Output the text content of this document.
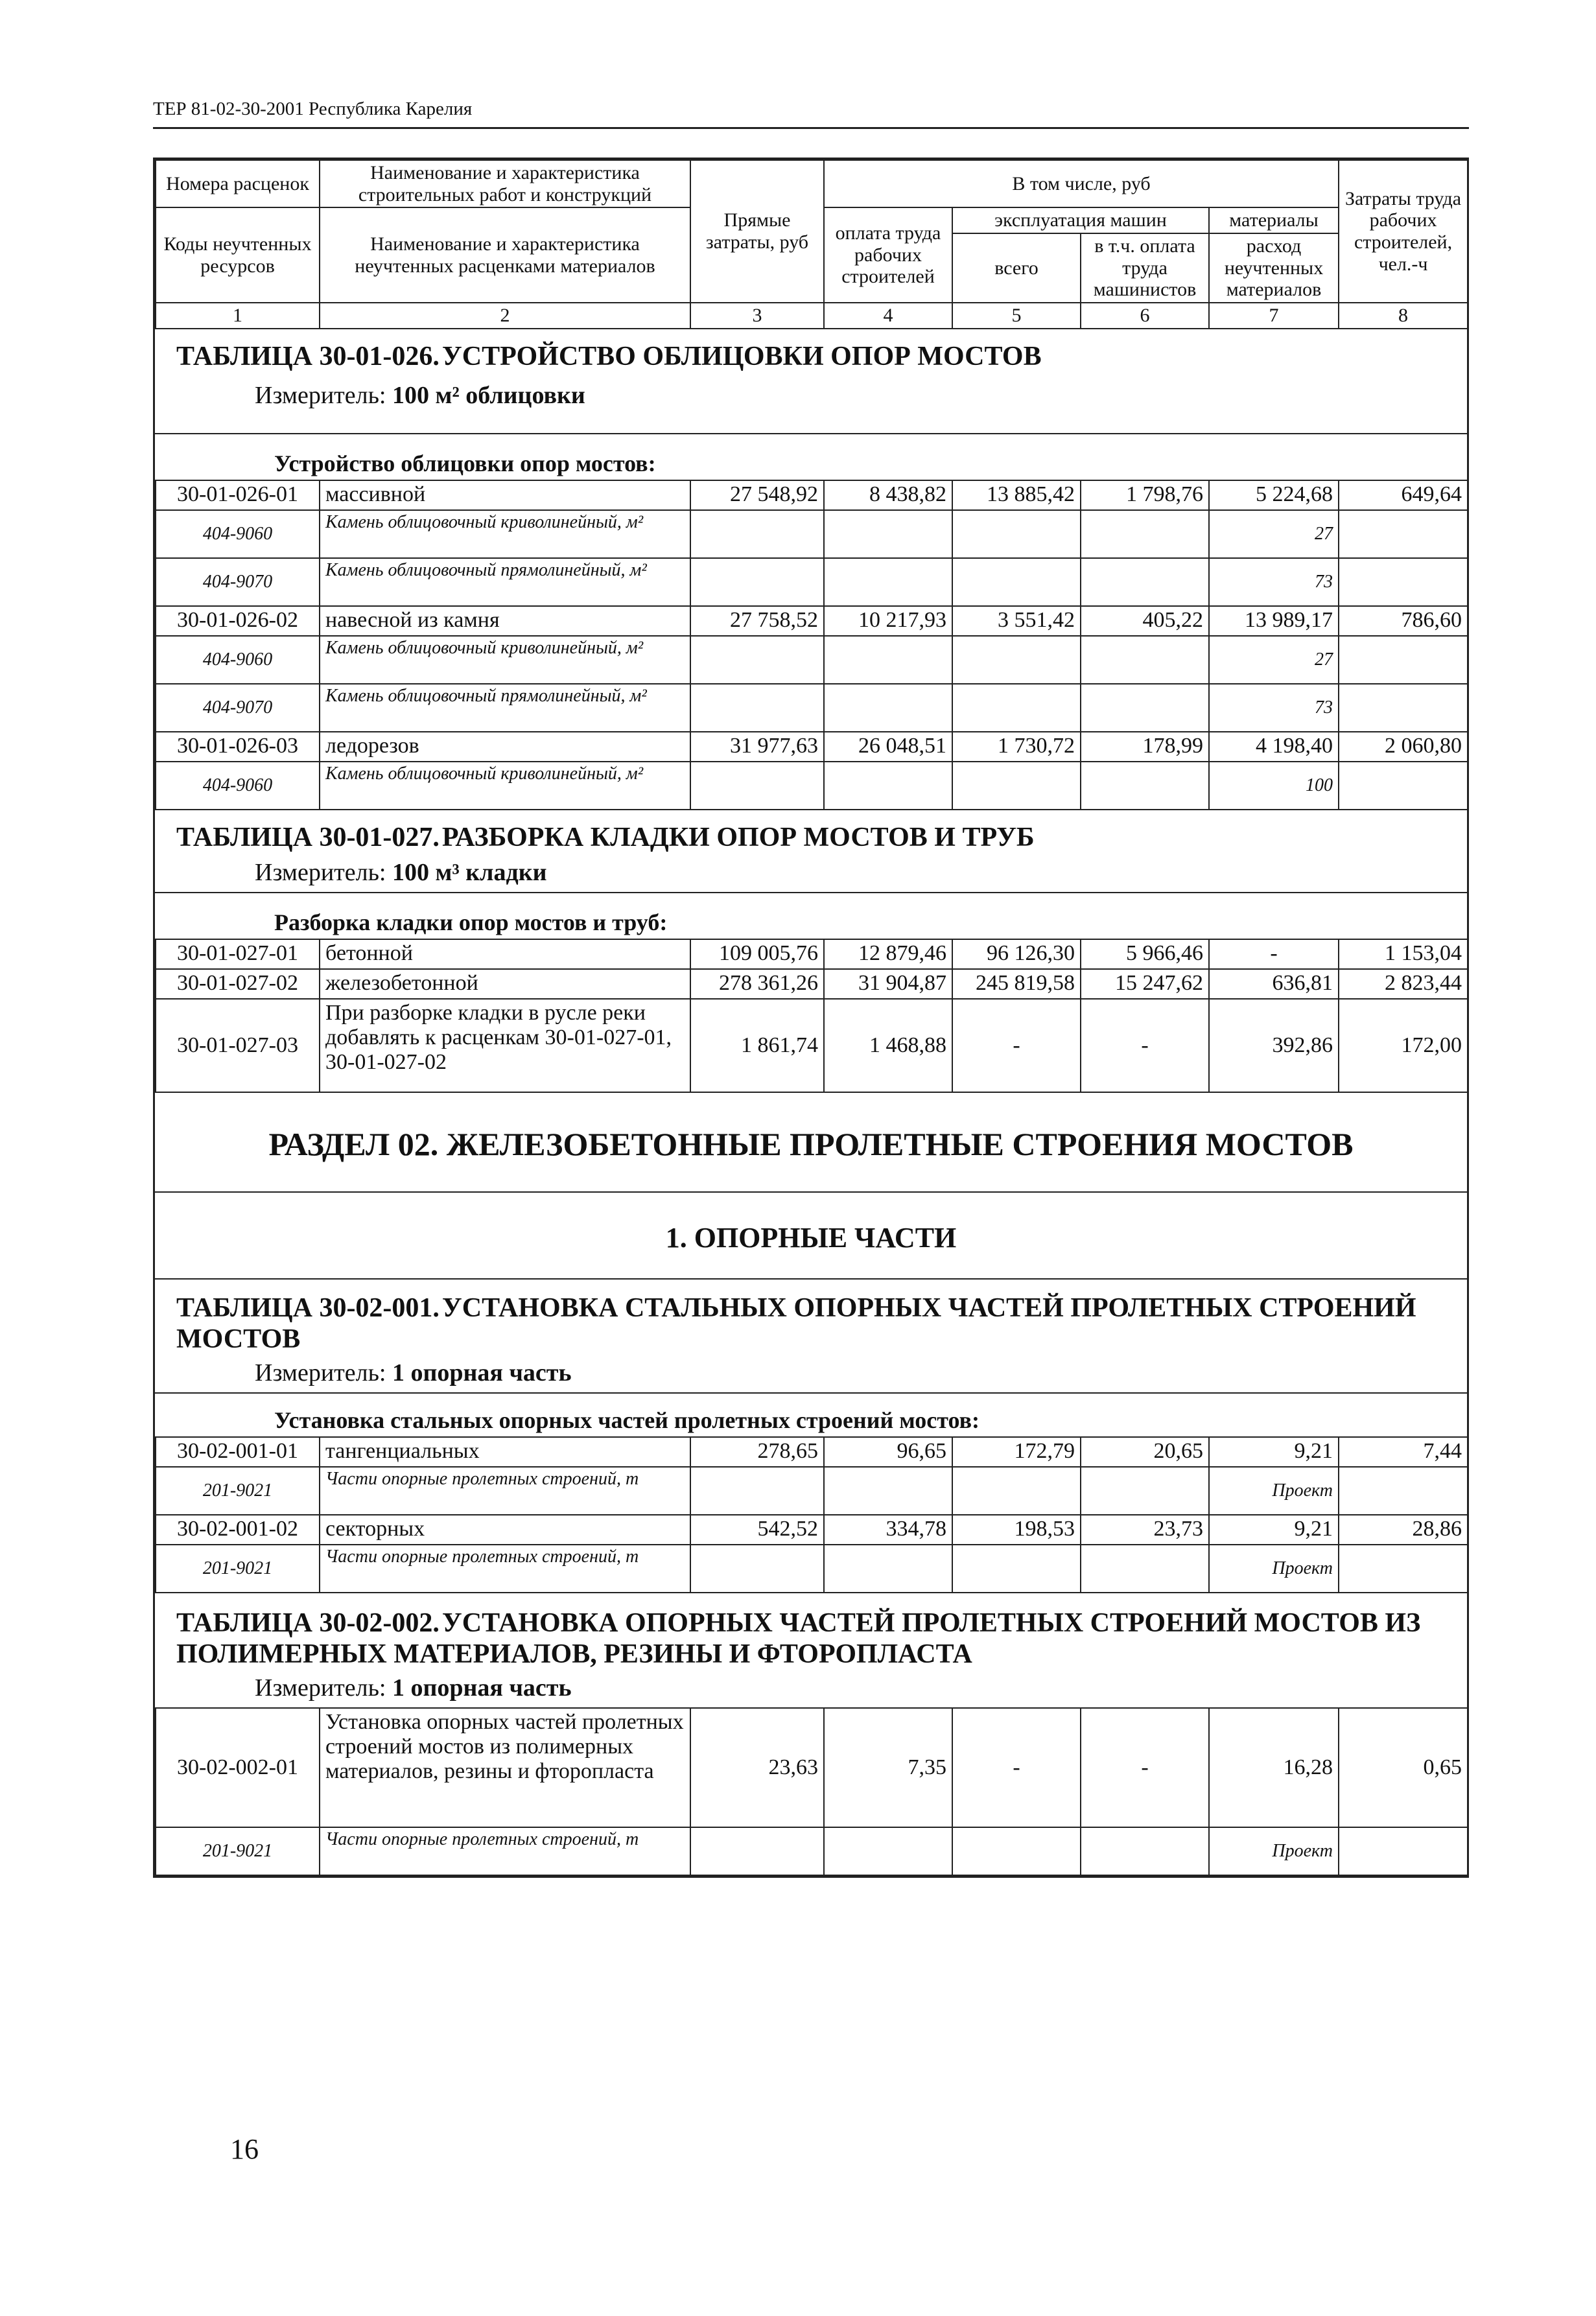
ТЕР 81-02-30-2001 Республика Карелия
Номера расценок	Наименование и характеристика строительных работ и конструкций	Прямые затраты, руб	В том числе, руб				Затраты труда рабочих строителей, чел.-ч
Коды неучтенных ресурсов	Наименование и характеристика неучтенных расценками материалов		оплата труда рабочих строителей	эксплуатация машин		материалы	
				всего	в т.ч. оплата труда машинистов	расход неучтенных материалов	
1	2	3	4	5	6	7	8
ТАБЛИЦА 30-01-026. УСТРОЙСТВО ОБЛИЦОВКИ ОПОР МОСТОВ
Измеритель: 100 м² облицовки
Устройство облицовки опор мостов:
30-01-026-01	массивной	27 548,92	8 438,82	13 885,42	1 798,76	5 224,68	649,64
404-9060	Камень облицовочный криволинейный, м²					27	
404-9070	Камень облицовочный прямолинейный, м²					73	
30-01-026-02	навесной из камня	27 758,52	10 217,93	3 551,42	405,22	13 989,17	786,60
404-9060	Камень облицовочный криволинейный, м²					27	
404-9070	Камень облицовочный прямолинейный, м²					73	
30-01-026-03	ледорезов	31 977,63	26 048,51	1 730,72	178,99	4 198,40	2 060,80
404-9060	Камень облицовочный криволинейный, м²					100	
ТАБЛИЦА 30-01-027. РАЗБОРКА КЛАДКИ ОПОР МОСТОВ И ТРУБ
Измеритель: 100 м³ кладки
Разборка кладки опор мостов и труб:
30-01-027-01	бетонной	109 005,76	12 879,46	96 126,30	5 966,46	-	1 153,04
30-01-027-02	железобетонной	278 361,26	31 904,87	245 819,58	15 247,62	636,81	2 823,44
30-01-027-03	При разборке кладки в русле реки добавлять к расценкам 30-01-027-01, 30-01-027-02	1 861,74	1 468,88	-	-	392,86	172,00
РАЗДЕЛ 02. ЖЕЛЕЗОБЕТОННЫЕ ПРОЛЕТНЫЕ СТРОЕНИЯ МОСТОВ
1. ОПОРНЫЕ ЧАСТИ
ТАБЛИЦА 30-02-001. УСТАНОВКА СТАЛЬНЫХ ОПОРНЫХ ЧАСТЕЙ ПРОЛЕТНЫХ СТРОЕНИЙ МОСТОВ
Измеритель: 1 опорная часть
Установка стальных опорных частей пролетных строений мостов:
30-02-001-01	тангенциальных	278,65	96,65	172,79	20,65	9,21	7,44
201-9021	Части опорные пролетных строений, т					Проект	
30-02-001-02	секторных	542,52	334,78	198,53	23,73	9,21	28,86
201-9021	Части опорные пролетных строений, т					Проект	
ТАБЛИЦА 30-02-002. УСТАНОВКА ОПОРНЫХ ЧАСТЕЙ ПРОЛЕТНЫХ СТРОЕНИЙ МОСТОВ ИЗ ПОЛИМЕРНЫХ МАТЕРИАЛОВ, РЕЗИНЫ И ФТОРОПЛАСТА
Измеритель: 1 опорная часть
30-02-002-01	Установка опорных частей пролетных строений мостов из полимерных материалов, резины и фторопласта	23,63	7,35	-	-	16,28	0,65
201-9021	Части опорные пролетных строений, т					Проект	
16
